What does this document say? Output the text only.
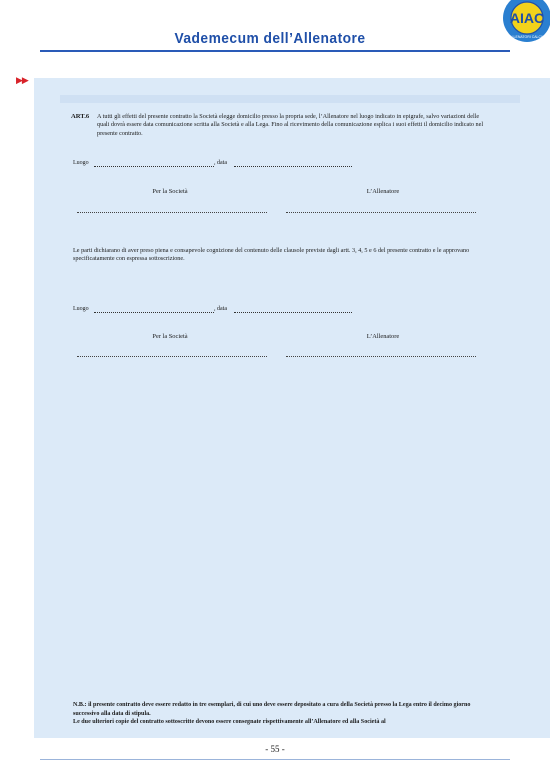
Vademecum dell’Allenatore
AIAC
ALLENATORI CALCIO
▶▶
ART.6 A tutti gli effetti del presente contratto la Società elegge domicilio presso la propria sede, l’Allenatore nel luogo indicato in epigrafe, salvo variazioni delle quali dovrà essere data comunicazione scritta alla Società e alla Lega. Fino al ricevimento della comunicazione esplica i suoi effetti il domicilio indicato nel presente contratto.
Luogo	, data
Per la Società	L’Allenatore
Le parti dichiarano di aver preso piena e consapevole cognizione del contenuto delle clausole previste dagli artt. 3, 4, 5 e 6 del presente contratto e le approvano specificatamente con espressa sottoscrizione.
Luogo	, data
Per la Società	L’Allenatore
N.B.: il presente contratto deve essere redatto in tre esemplari, di cui uno deve essere depositato a cura della Società presso la Lega entro il decimo giorno successivo alla data di stipula.
Le due ulteriori copie del contratto sottoscritte devono essere consegnate rispettivamente all’Allenatore ed alla Società al
- 55 -
